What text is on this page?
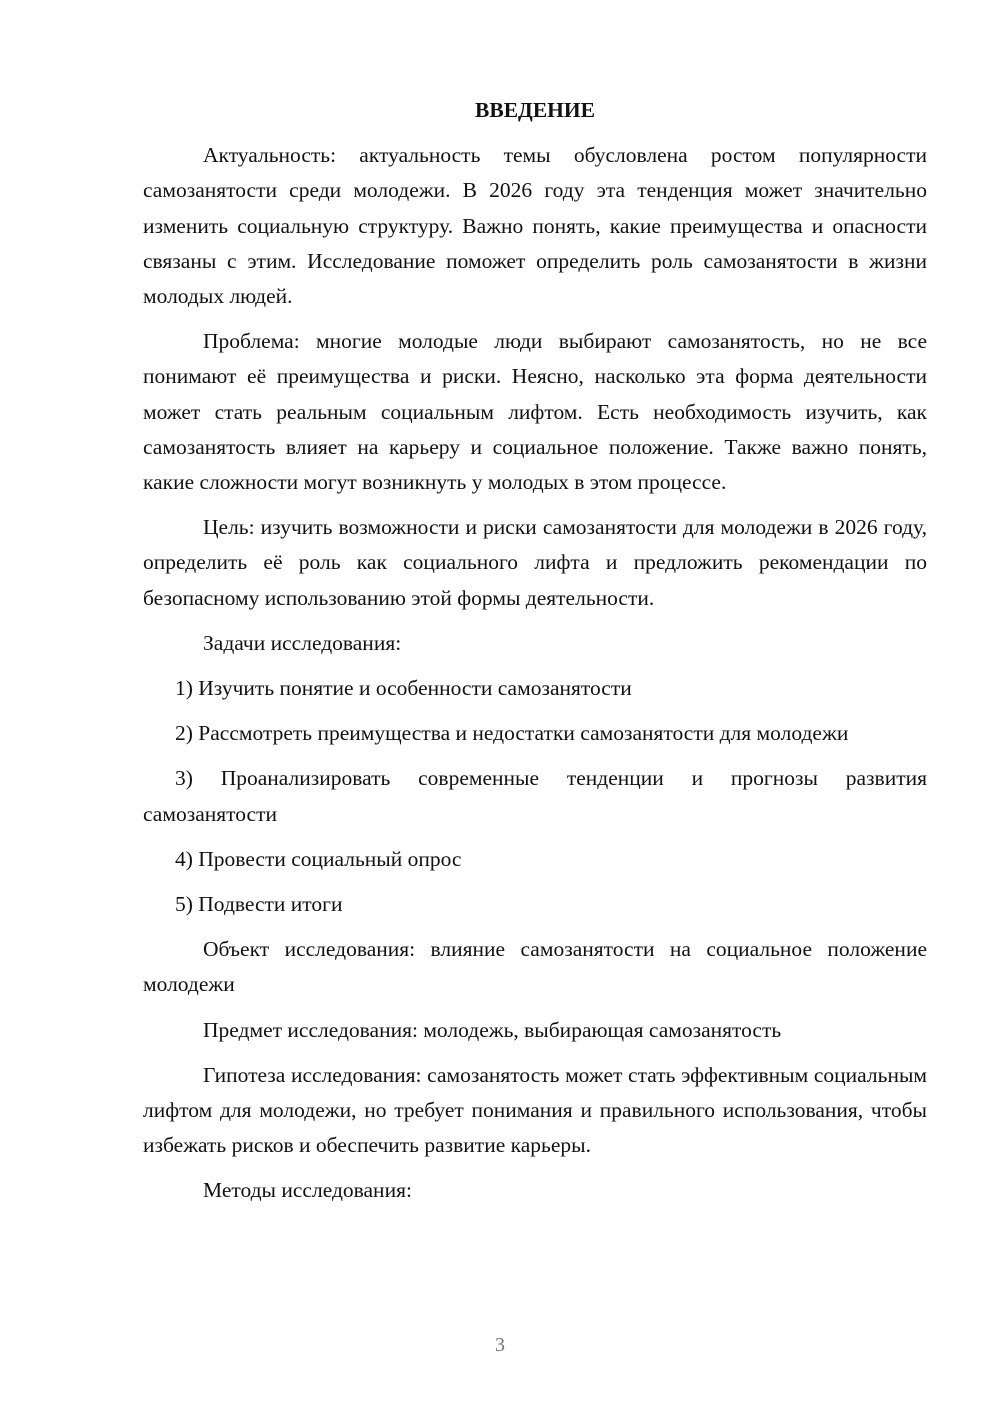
ВВЕДЕНИЕ

Актуальность: актуальность темы обусловлена ростом популярности самозанятости среди молодежи. В 2026 году эта тенденция может значительно изменить социальную структуру. Важно понять, какие преимущества и опасности связаны с этим. Исследование поможет определить роль самозанятости в жизни молодых людей.

Проблема: многие молодые люди выбирают самозанятость, но не все понимают её преимущества и риски. Неясно, насколько эта форма деятельности может стать реальным социальным лифтом. Есть необходимость изучить, как самозанятость влияет на карьеру и социальное положение. Также важно понять, какие сложности могут возникнуть у молодых в этом процессе.

Цель: изучить возможности и риски самозанятости для молодежи в 2026 году, определить её роль как социального лифта и предложить рекомендации по безопасному использованию этой формы деятельности.

Задачи исследования:

1) Изучить понятие и особенности самозанятости

2) Рассмотреть преимущества и недостатки самозанятости для молодежи

3) Проанализировать современные тенденции и прогнозы развития самозанятости

4) Провести социальный опрос

5) Подвести итоги

Объект исследования: влияние самозанятости на социальное положение молодежи

Предмет исследования: молодежь, выбирающая самозанятость

Гипотеза исследования: самозанятость может стать эффективным социальным лифтом для молодежи, но требует понимания и правильного использования, чтобы избежать рисков и обеспечить развитие карьеры.

Методы исследования:

3
